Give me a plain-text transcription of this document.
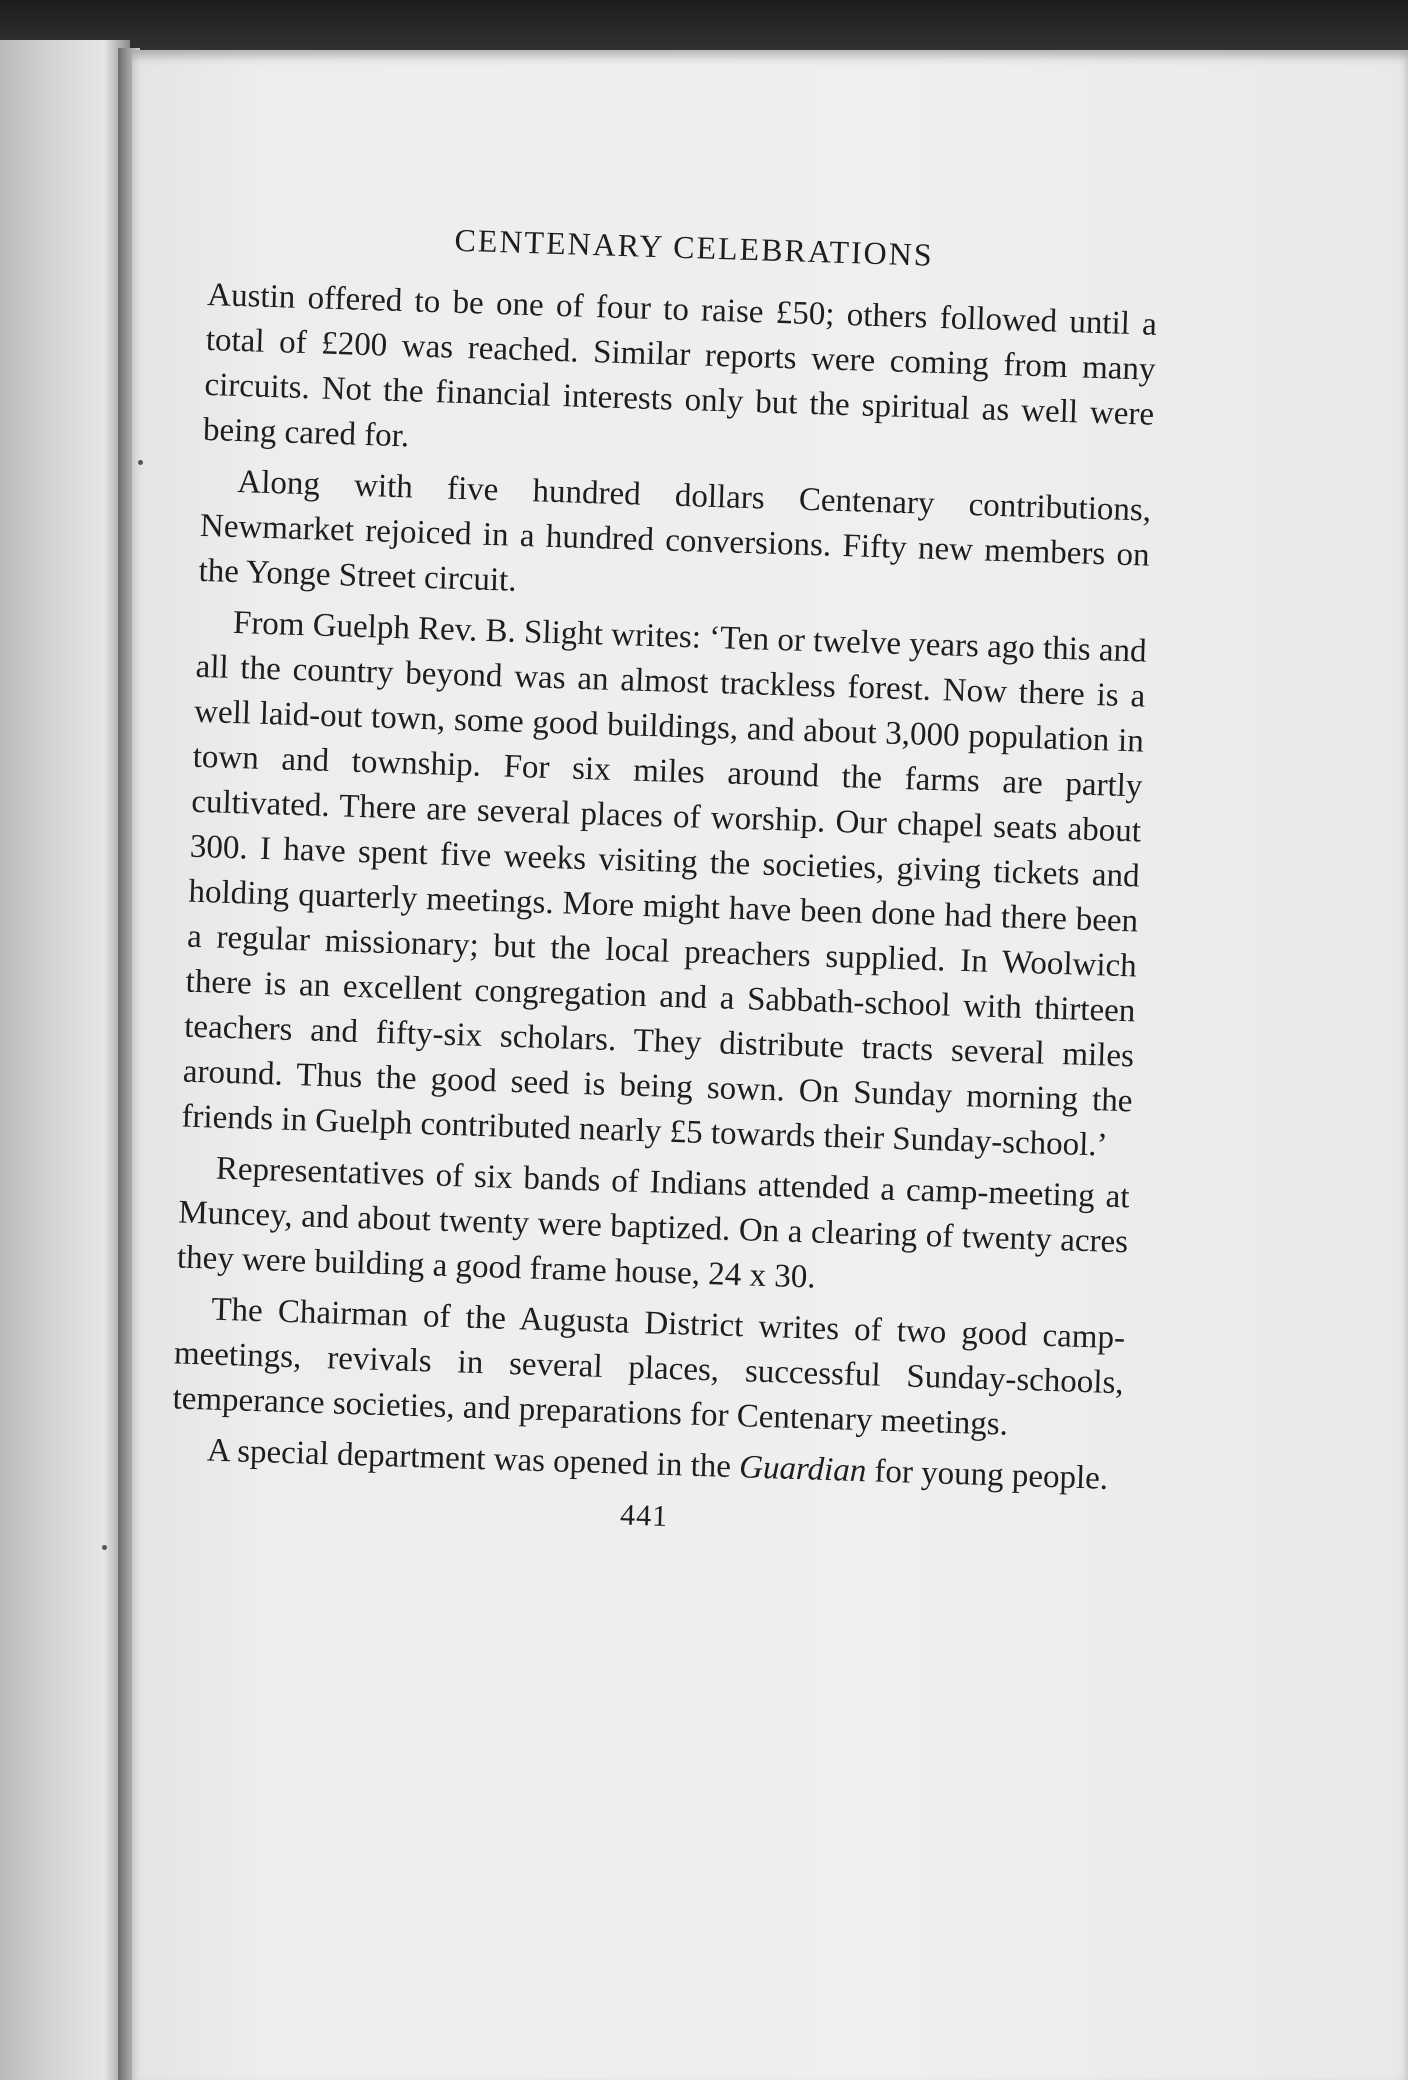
CENTENARY CELEBRATIONS

Austin offered to be one of four to raise £50; others followed until a total of £200 was reached. Similar reports were coming from many circuits. Not the financial interests only but the spiritual as well were being cared for.

Along with five hundred dollars Centenary contributions, Newmarket rejoiced in a hundred conversions. Fifty new members on the Yonge Street circuit.

From Guelph Rev. B. Slight writes: ‘Ten or twelve years ago this and all the country beyond was an almost trackless forest. Now there is a well laid-out town, some good buildings, and about 3,000 population in town and township. For six miles around the farms are partly cultivated. There are several places of worship. Our chapel seats about 300. I have spent five weeks visiting the societies, giving tickets and holding quarterly meetings. More might have been done had there been a regular missionary; but the local preachers supplied. In Woolwich there is an excellent congregation and a Sabbath-school with thirteen teachers and fifty-six scholars. They distribute tracts several miles around. Thus the good seed is being sown. On Sunday morning the friends in Guelph contributed nearly £5 towards their Sunday-school.’

Representatives of six bands of Indians attended a camp-meeting at Muncey, and about twenty were baptized. On a clearing of twenty acres they were building a good frame house, 24 x 30.

The Chairman of the Augusta District writes of two good camp-meetings, revivals in several places, successful Sunday-schools, temperance societies, and preparations for Centenary meetings.

A special department was opened in the Guardian for young people.

441
